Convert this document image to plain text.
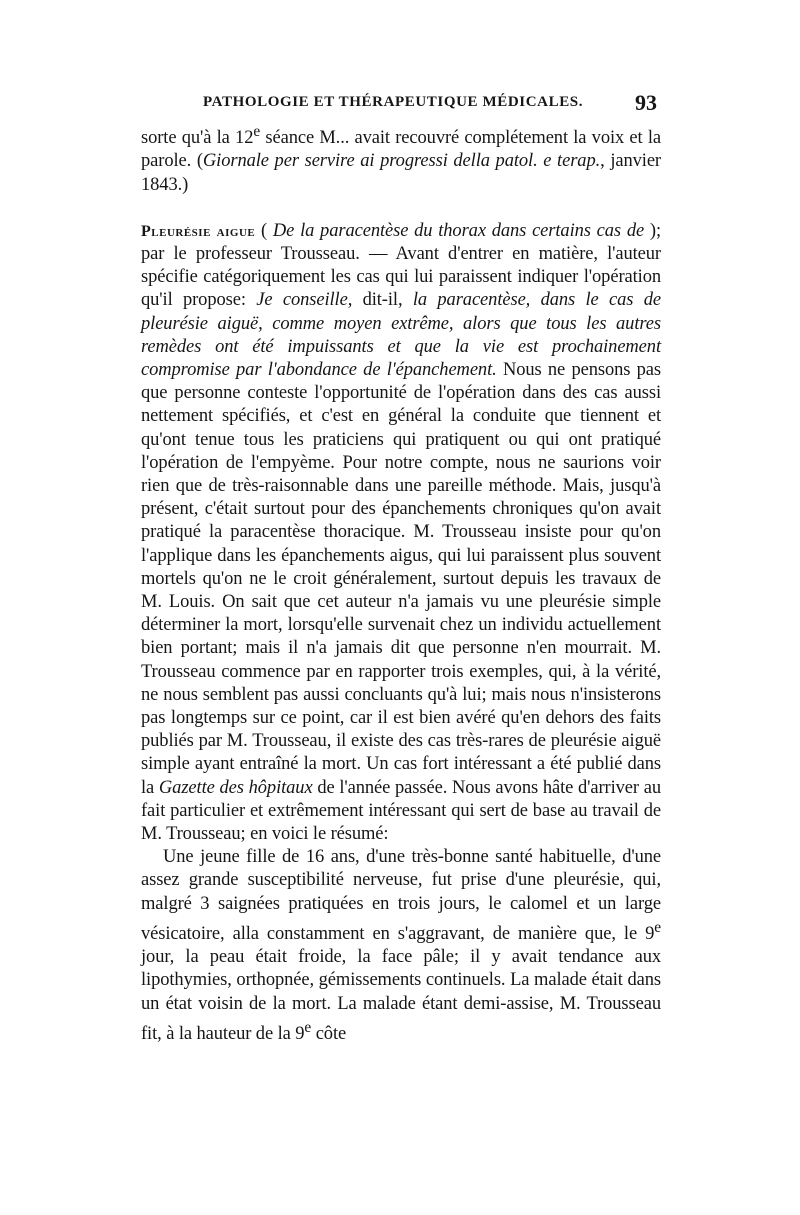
PATHOLOGIE ET THÉRAPEUTIQUE MÉDICALES. 93

sorte qu'à la 12e séance M... avait recouvré complétement la voix et la parole. (Giornale per servire ai progressi della patol. e terap., janvier 1843.)

Pleurésie aigue ( De la paracentèse du thorax dans certains cas de ); par le professeur Trousseau. — Avant d'entrer en matière, l'auteur spécifie catégoriquement les cas qui lui paraissent indiquer l'opération qu'il propose: Je conseille, dit-il, la paracentèse, dans le cas de pleurésie aiguë, comme moyen extrême, alors que tous les autres remèdes ont été impuissants et que la vie est prochainement compromise par l'abondance de l'épanchement. Nous ne pensons pas que personne conteste l'opportunité de l'opération dans des cas aussi nettement spécifiés, et c'est en général la conduite que tiennent et qu'ont tenue tous les praticiens qui pratiquent ou qui ont pratiqué l'opération de l'empyème. Pour notre compte, nous ne saurions voir rien que de très-raisonnable dans une pareille méthode. Mais, jusqu'à présent, c'était surtout pour des épanchements chroniques qu'on avait pratiqué la paracentèse thoracique. M. Trousseau insiste pour qu'on l'applique dans les épanchements aigus, qui lui paraissent plus souvent mortels qu'on ne le croit généralement, surtout depuis les travaux de M. Louis. On sait que cet auteur n'a jamais vu une pleurésie simple déterminer la mort, lorsqu'elle survenait chez un individu actuellement bien portant; mais il n'a jamais dit que personne n'en mourrait. M. Trousseau commence par en rapporter trois exemples, qui, à la vérité, ne nous semblent pas aussi concluants qu'à lui; mais nous n'insisterons pas longtemps sur ce point, car il est bien avéré qu'en dehors des faits publiés par M. Trousseau, il existe des cas très-rares de pleurésie aiguë simple ayant entraîné la mort. Un cas fort intéressant a été publié dans la Gazette des hôpitaux de l'année passée. Nous avons hâte d'arriver au fait particulier et extrêmement intéressant qui sert de base au travail de M. Trousseau; en voici le résumé:

Une jeune fille de 16 ans, d'une très-bonne santé habituelle, d'une assez grande susceptibilité nerveuse, fut prise d'une pleurésie, qui, malgré 3 saignées pratiquées en trois jours, le calomel et un large vésicatoire, alla constamment en s'aggravant, de manière que, le 9e jour, la peau était froide, la face pâle; il y avait tendance aux lipothymies, orthopnée, gémissements continuels. La malade était dans un état voisin de la mort. La malade étant demi-assise, M. Trousseau fit, à la hauteur de la 9e côte
